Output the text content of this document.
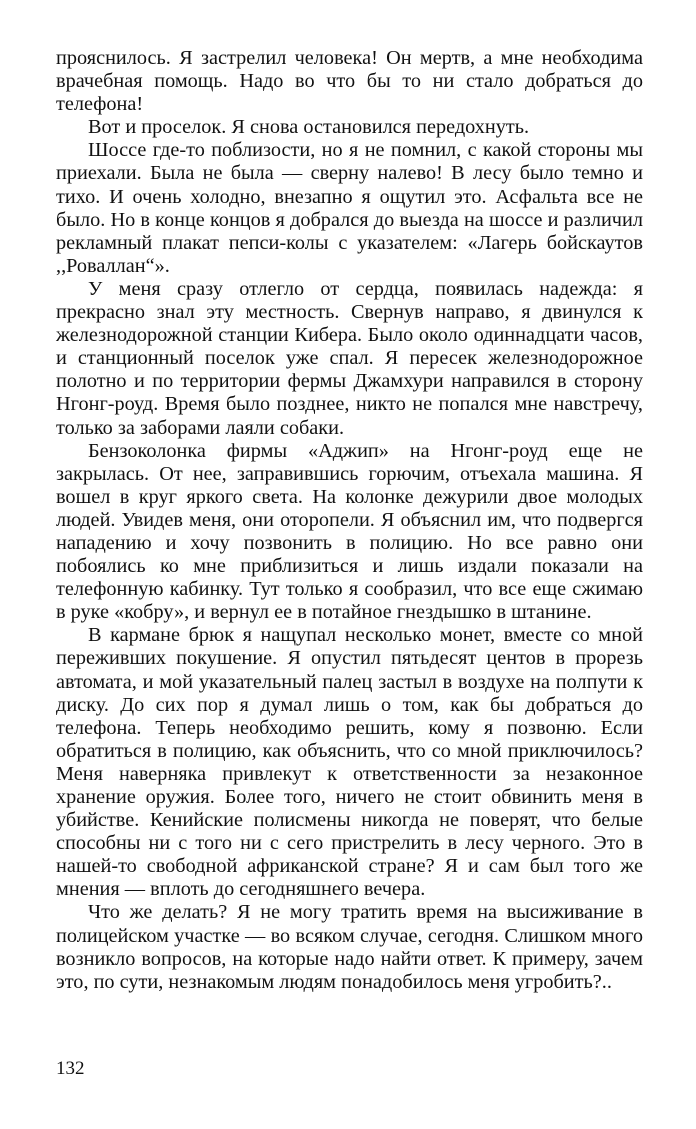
прояснилось. Я застрелил человека! Он мертв, а мне необходима врачебная помощь. Надо во что бы то ни стало добраться до телефона!

Вот и проселок. Я снова остановился передохнуть.

Шоссе где-то поблизости, но я не помнил, с какой стороны мы приехали. Была не была — сверну налево! В лесу было темно и тихо. И очень холодно, внезапно я ощутил это. Асфальта все не было. Но в конце концов я добрался до выезда на шоссе и различил рекламный плакат пепси-колы с указателем: «Лагерь бойскаутов ,,Роваллан“».

У меня сразу отлегло от сердца, появилась надежда: я прекрасно знал эту местность. Свернув направо, я двинулся к железнодорожной станции Кибера. Было около одиннадцати часов, и станционный поселок уже спал. Я пересек железнодорожное полотно и по территории фермы Джамхури направился в сторону Нгонг-роуд. Время было позднее, никто не попался мне навстречу, только за заборами лаяли собаки.

Бензоколонка фирмы «Аджип» на Нгонг-роуд еще не закрылась. От нее, заправившись горючим, отъехала машина. Я вошел в круг яркого света. На колонке дежурили двое молодых людей. Увидев меня, они оторопели. Я объяснил им, что подвергся нападению и хочу позвонить в полицию. Но все равно они побоялись ко мне приблизиться и лишь издали показали на телефонную кабинку. Тут только я сообразил, что все еще сжимаю в руке «кобру», и вернул ее в потайное гнездышко в штанине.

В кармане брюк я нащупал несколько монет, вместе со мной переживших покушение. Я опустил пятьдесят центов в прорезь автомата, и мой указательный палец застыл в воздухе на полпути к диску. До сих пор я думал лишь о том, как бы добраться до телефона. Теперь необходимо решить, кому я позвоню. Если обратиться в полицию, как объяснить, что со мной приключилось? Меня наверняка привлекут к ответственности за незаконное хранение оружия. Более того, ничего не стоит обвинить меня в убийстве. Кенийские полисмены никогда не поверят, что белые способны ни с того ни с сего пристрелить в лесу черного. Это в нашей-то свободной африканской стране? Я и сам был того же мнения — вплоть до сегодняшнего вечера.

Что же делать? Я не могу тратить время на высиживание в полицейском участке — во всяком случае, сегодня. Слишком много возникло вопросов, на которые надо найти ответ. К примеру, зачем это, по сути, незнакомым людям понадобилось меня угробить?..

132
